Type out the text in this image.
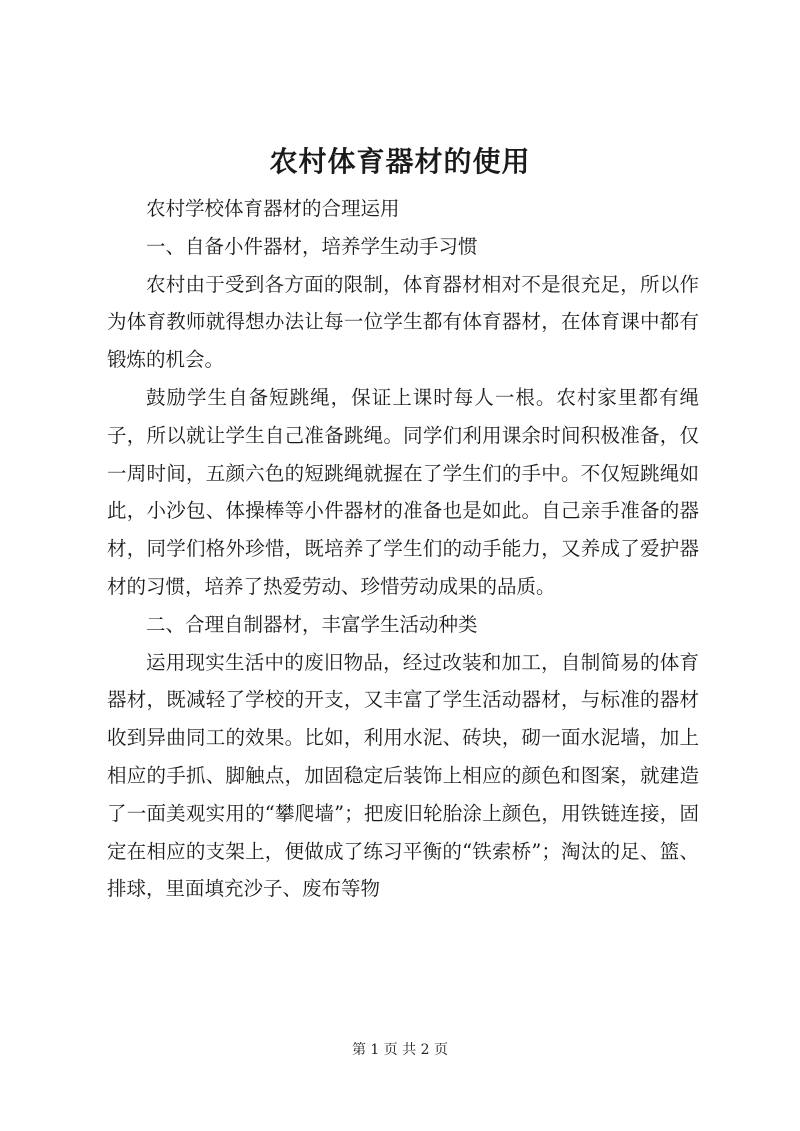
农村体育器材的使用

农村学校体育器材的合理运用

一、自备小件器材，培养学生动手习惯

农村由于受到各方面的限制，体育器材相对不是很充足，所以作为体育教师就得想办法让每一位学生都有体育器材，在体育课中都有锻炼的机会。

鼓励学生自备短跳绳，保证上课时每人一根。农村家里都有绳子，所以就让学生自己准备跳绳。同学们利用课余时间积极准备，仅一周时间，五颜六色的短跳绳就握在了学生们的手中。不仅短跳绳如此，小沙包、体操棒等小件器材的准备也是如此。自己亲手准备的器材，同学们格外珍惜，既培养了学生们的动手能力，又养成了爱护器材的习惯，培养了热爱劳动、珍惜劳动成果的品质。

二、合理自制器材，丰富学生活动种类

运用现实生活中的废旧物品，经过改装和加工，自制简易的体育器材，既减轻了学校的开支，又丰富了学生活动器材，与标准的器材收到异曲同工的效果。比如，利用水泥、砖块，砌一面水泥墙，加上相应的手抓、脚触点，加固稳定后装饰上相应的颜色和图案，就建造了一面美观实用的“攀爬墙”；把废旧轮胎涂上颜色，用铁链连接，固定在相应的支架上，便做成了练习平衡的“铁索桥”；淘汰的足、篮、排球，里面填充沙子、废布等物

第 1 页 共 2 页
